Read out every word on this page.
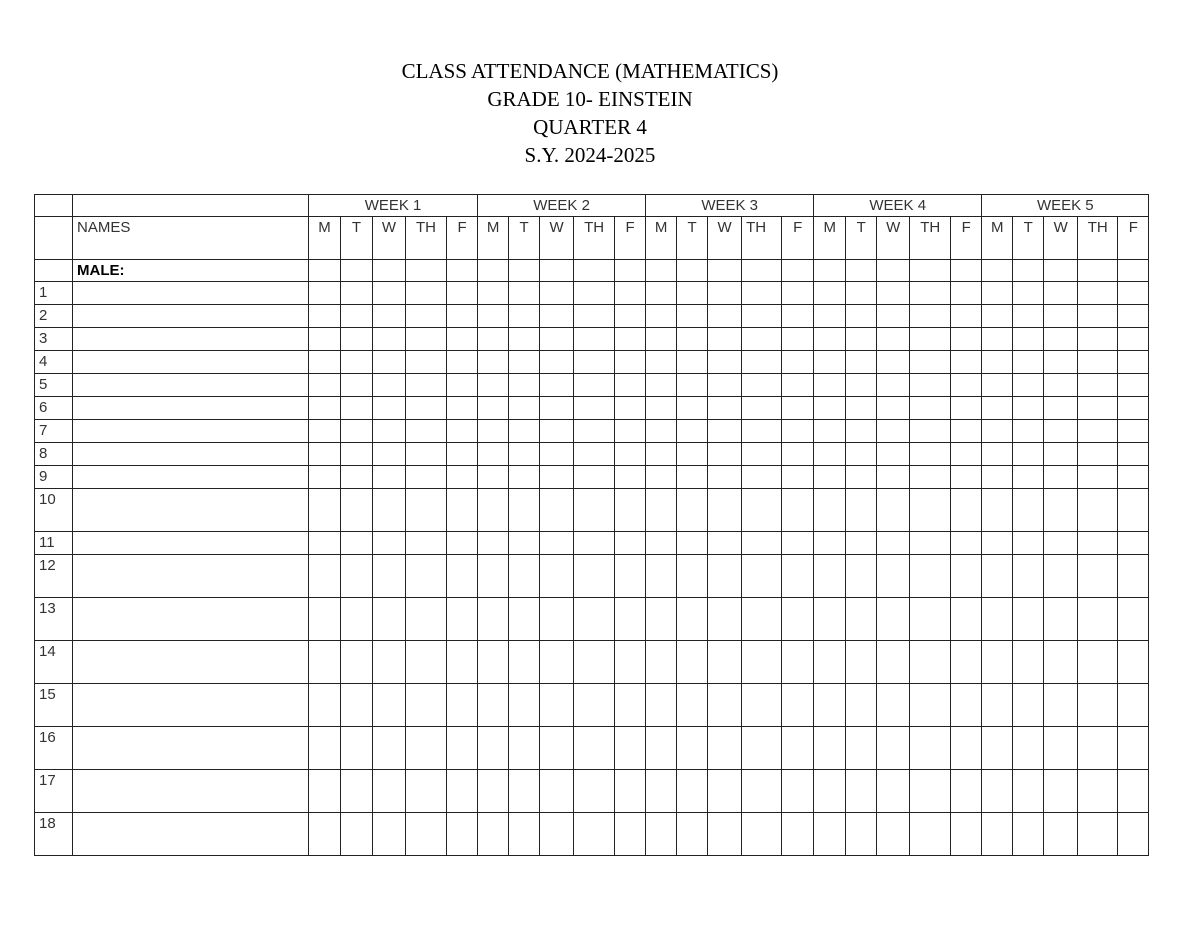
CLASS ATTENDANCE (MATHEMATICS)
GRADE 10- EINSTEIN
QUARTER 4
S.Y. 2024-2025
		WEEK 1					WEEK 2					WEEK 3					WEEK 4					WEEK 5				
	NAMES	M	T	W	TH	F	M	T	W	TH	F	M	T	W	TH	F	M	T	W	TH	F	M	T	W	TH	F
	MALE:																									
1																										
2																										
3																										
4																										
5																										
6																										
7																										
8																										
9																										
10																										
11																										
12																										
13																										
14																										
15																										
16																										
17																										
18																										
